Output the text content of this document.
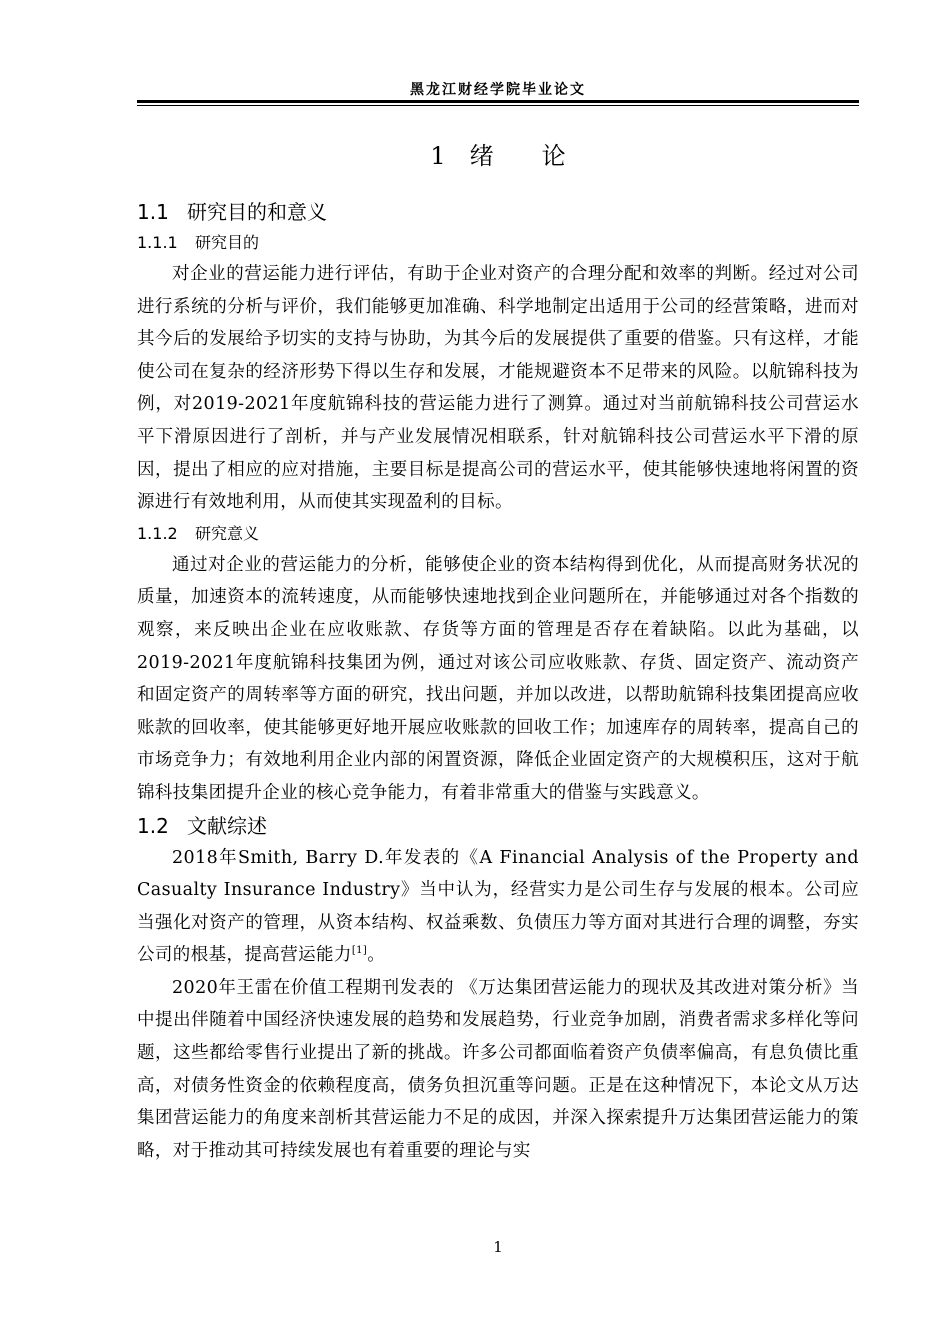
黑龙江财经学院毕业论文
1　绪　　论
1.1 研究目的和意义
1.1.1 研究目的

对企业的营运能力进行评估，有助于企业对资产的合理分配和效率的判断。经过对公司进行系统的分析与评价，我们能够更加准确、科学地制定出适用于公司的经营策略，进而对其今后的发展给予切实的支持与协助，为其今后的发展提供了重要的借鉴。只有这样，才能使公司在复杂的经济形势下得以生存和发展，才能规避资本不足带来的风险。以航锦科技为例，对2019-2021年度航锦科技的营运能力进行了测算。通过对当前航锦科技公司营运水平下滑原因进行了剖析，并与产业发展情况相联系，针对航锦科技公司营运水平下滑的原因，提出了相应的应对措施，主要目标是提高公司的营运水平，使其能够快速地将闲置的资源进行有效地利用，从而使其实现盈利的目标。

1.1.2 研究意义

通过对企业的营运能力的分析，能够使企业的资本结构得到优化，从而提高财务状况的质量，加速资本的流转速度，从而能够快速地找到企业问题所在，并能够通过对各个指数的观察，来反映出企业在应收账款、存货等方面的管理是否存在着缺陷。以此为基础，以2019-2021年度航锦科技集团为例，通过对该公司应收账款、存货、固定资产、流动资产和固定资产的周转率等方面的研究，找出问题，并加以改进，以帮助航锦科技集团提高应收账款的回收率，使其能够更好地开展应收账款的回收工作；加速库存的周转率，提高自己的市场竞争力；有效地利用企业内部的闲置资源，降低企业固定资产的大规模积压，这对于航锦科技集团提升企业的核心竞争能力，有着非常重大的借鉴与实践意义。

1.2 文献综述

2018年Smith, Barry D.年发表的《A Financial Analysis of the Property and Casualty Insurance Industry》当中认为，经营实力是公司生存与发展的根本。公司应当强化对资产的管理，从资本结构、权益乘数、负债压力等方面对其进行合理的调整，夯实公司的根基，提高营运能力[1]。

2020年王雷在价值工程期刊发表的 《万达集团营运能力的现状及其改进对策分析》当中提出伴随着中国经济快速发展的趋势和发展趋势，行业竞争加剧，消费者需求多样化等问题，这些都给零售行业提出了新的挑战。许多公司都面临着资产负债率偏高，有息负债比重高，对债务性资金的依赖程度高，债务负担沉重等问题。正是在这种情况下，本论文从万达集团营运能力的角度来剖析其营运能力不足的成因，并深入探索提升万达集团营运能力的策略，对于推动其可持续发展也有着重要的理论与实

1
